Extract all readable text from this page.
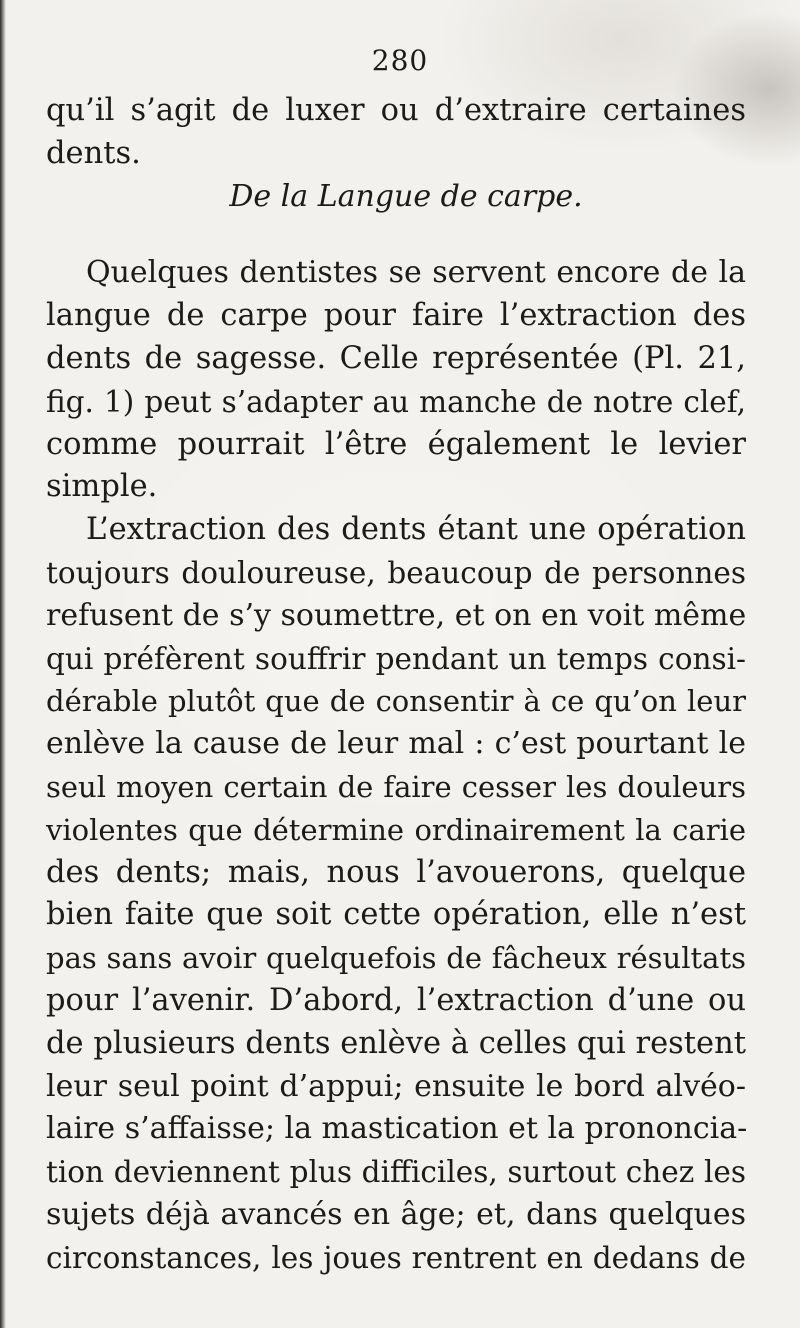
280
qu’il s’agit de luxer ou d’extraire certaines
dents.
De la Langue de carpe.
Quelques dentistes se servent encore de la
langue de carpe pour faire l’extraction des
dents de sagesse. Celle représentée (Pl. 21,
fig. 1) peut s’adapter au manche de notre clef,
comme pourrait l’être également le levier
simple.
L’extraction des dents étant une opération
toujours douloureuse, beaucoup de personnes
refusent de s’y soumettre, et on en voit même
qui préfèrent souffrir pendant un temps consi-
dérable plutôt que de consentir à ce qu’on leur
enlève la cause de leur mal : c’est pourtant le
seul moyen certain de faire cesser les douleurs
violentes que détermine ordinairement la carie
des dents; mais, nous l’avouerons, quelque
bien faite que soit cette opération, elle n’est
pas sans avoir quelquefois de fâcheux résultats
pour l’avenir. D’abord, l’extraction d’une ou
de plusieurs dents enlève à celles qui restent
leur seul point d’appui; ensuite le bord alvéo-
laire s’affaisse; la mastication et la prononcia-
tion deviennent plus difficiles, surtout chez les
sujets déjà avancés en âge; et, dans quelques
circonstances, les joues rentrent en dedans de
